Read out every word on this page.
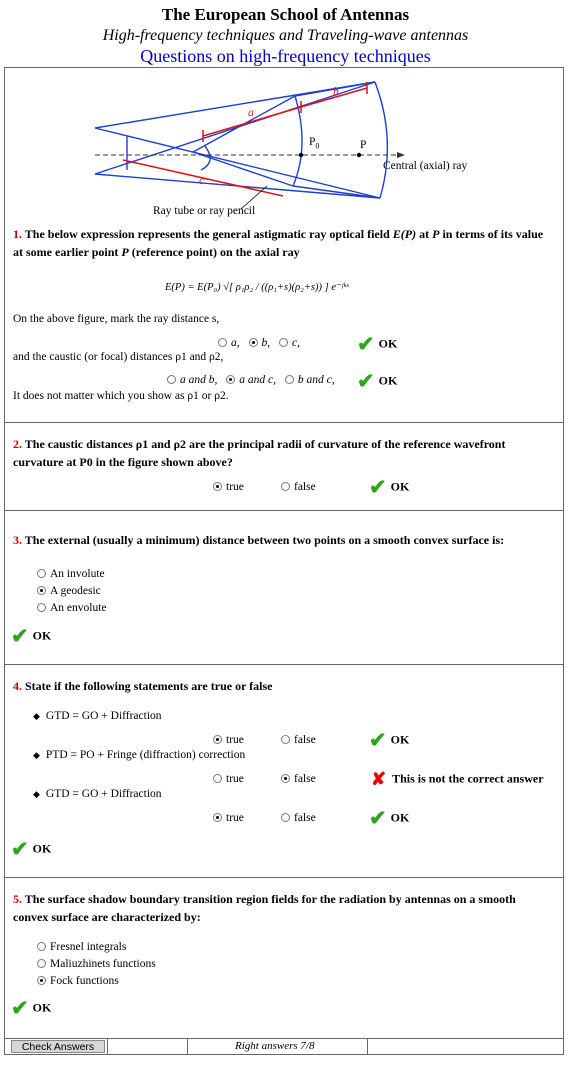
The European School of Antennas
High-frequency techniques and Traveling-wave antennas
Questions on high-frequency techniques
a
b
c
$P_0$	P
Central (axial) ray
Ray tube or ray pencil
1. The below expression represents the general astigmatic ray optical field E(P) at P in terms of its value at some earlier point P (reference point) on the axial ray
E(P) = E(P₀) √[ ρ₁ρ₂ / ((ρ₁+s)(ρ₂+s)) ] e⁻ʲᵏˢ
On the above figure, mark the ray distance s,
a, b, c,	✔ OK
and the caustic (or focal) distances ρ1 and ρ2,
a and b, a and c, b and c, ✔ OK
It does not matter which you show as ρ1 or ρ2.
2. The caustic distances ρ1 and ρ2 are the principal radii of curvature of the reference wavefront curvature at P0 in the figure shown above?
true	false	✔ OK
3. The external (usually a minimum) distance between two points on a smooth convex surface is:
An involute
A geodesic
An envolute
✔ OK
4. State if the following statements are true or false
◆ GTD = GO + Diffraction
true	false	✔ OK
◆ PTD = PO + Fringe (diffraction) correction
true	false	✘ This is not the correct answer
◆ GTD = GO + Diffraction
true	false	✔ OK
✔ OK
5. The surface shadow boundary transition region fields for the radiation by antennas on a smooth convex surface are characterized by:
Fresnel integrals
Maliuzhinets functions
Fock functions
✔ OK
Check Answers	Right answers 7/8
